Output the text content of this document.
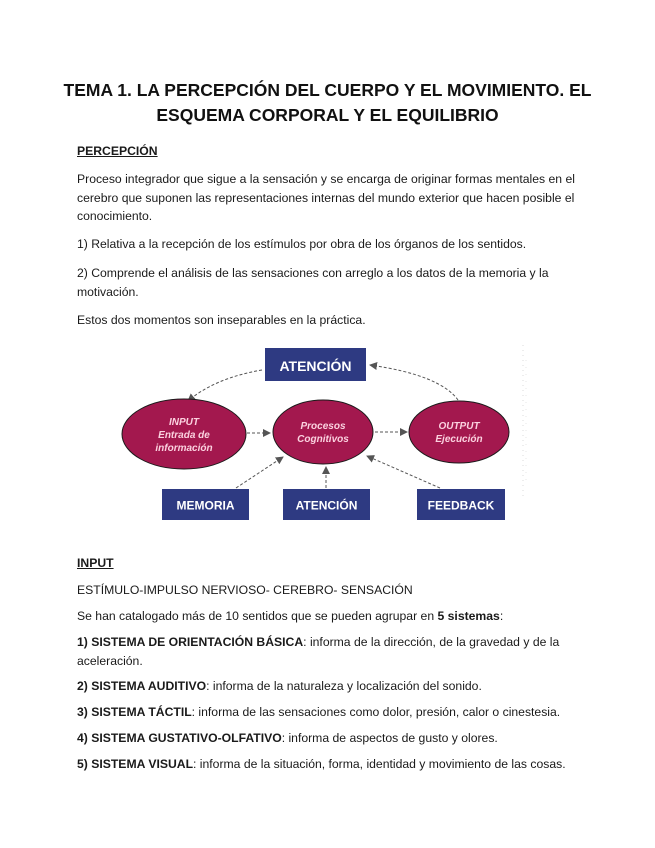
TEMA 1. LA PERCEPCIÓN DEL CUERPO Y EL MOVIMIENTO. EL
ESQUEMA CORPORAL Y EL EQUILIBRIO
PERCEPCIÓN
Proceso integrador que sigue a la sensación y se encarga de originar formas mentales en el cerebro que suponen las representaciones internas del mundo exterior que hacen posible el conocimiento.
1) Relativa a la recepción de los estímulos por obra de los órganos de los sentidos.
2) Comprende el análisis de las sensaciones con arreglo a los datos de la memoria y la motivación.
Estos dos momentos son inseparables en la práctica.
ATENCIÓN
INPUT
Entrada de
información
Procesos
Cognitivos
OUTPUT
Ejecución
MEMORIA	ATENCIÓN	FEEDBACK
INPUT
ESTÍMULO-IMPULSO NERVIOSO- CEREBRO- SENSACIÓN
Se han catalogado más de 10 sentidos que se pueden agrupar en 5 sistemas:
1) SISTEMA DE ORIENTACIÓN BÁSICA: informa de la dirección, de la gravedad y de la aceleración.
2) SISTEMA AUDITIVO: informa de la naturaleza y localización del sonido.
3) SISTEMA TÁCTIL: informa de las sensaciones como dolor, presión, calor o cinestesia.
4) SISTEMA GUSTATIVO-OLFATIVO: informa de aspectos de gusto y olores.
5) SISTEMA VISUAL: informa de la situación, forma, identidad y movimiento de las cosas.
